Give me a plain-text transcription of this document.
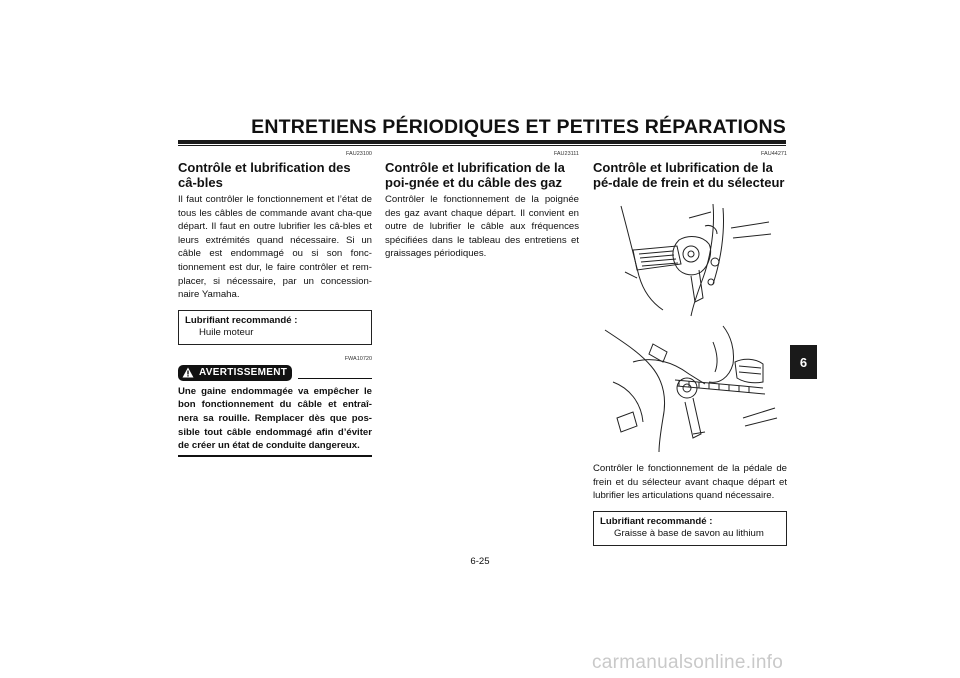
ENTRETIENS PÉRIODIQUES ET PETITES RÉPARATIONS
FAU23100
Contrôle et lubrification des câ-bles

Il faut contrôler le fonctionnement et l’état de tous les câbles de commande avant cha-que départ. Il faut en outre lubrifier les câ-bles et leurs extrémités quand nécessaire. Si un câble est endommagé ou si son fonc-tionnement est dur, le faire contrôler et rem-placer, si nécessaire, par un concession-naire Yamaha.

Lubrifiant recommandé :
Huile moteur
FWA10720
AVERTISSEMENT

Une gaine endommagée va empêcher le bon fonctionnement du câble et entraî-nera sa rouille. Remplacer dès que pos-sible tout câble endommagé afin d’éviter de créer un état de conduite dangereux.

FAU23111
Contrôle et lubrification de la poi-gnée et du câble des gaz

Contrôler le fonctionnement de la poignée des gaz avant chaque départ. Il convient en outre de lubrifier le câble aux fréquences spécifiées dans le tableau des entretiens et graissages périodiques.

FAU44271
Contrôle et lubrification de la pé-dale de frein et du sélecteur

Contrôler le fonctionnement de la pédale de frein et du sélecteur avant chaque départ et lubrifier les articulations quand nécessaire.

Lubrifiant recommandé :
Graisse à base de savon au lithium
6
6-25
carmanualsonline.info
